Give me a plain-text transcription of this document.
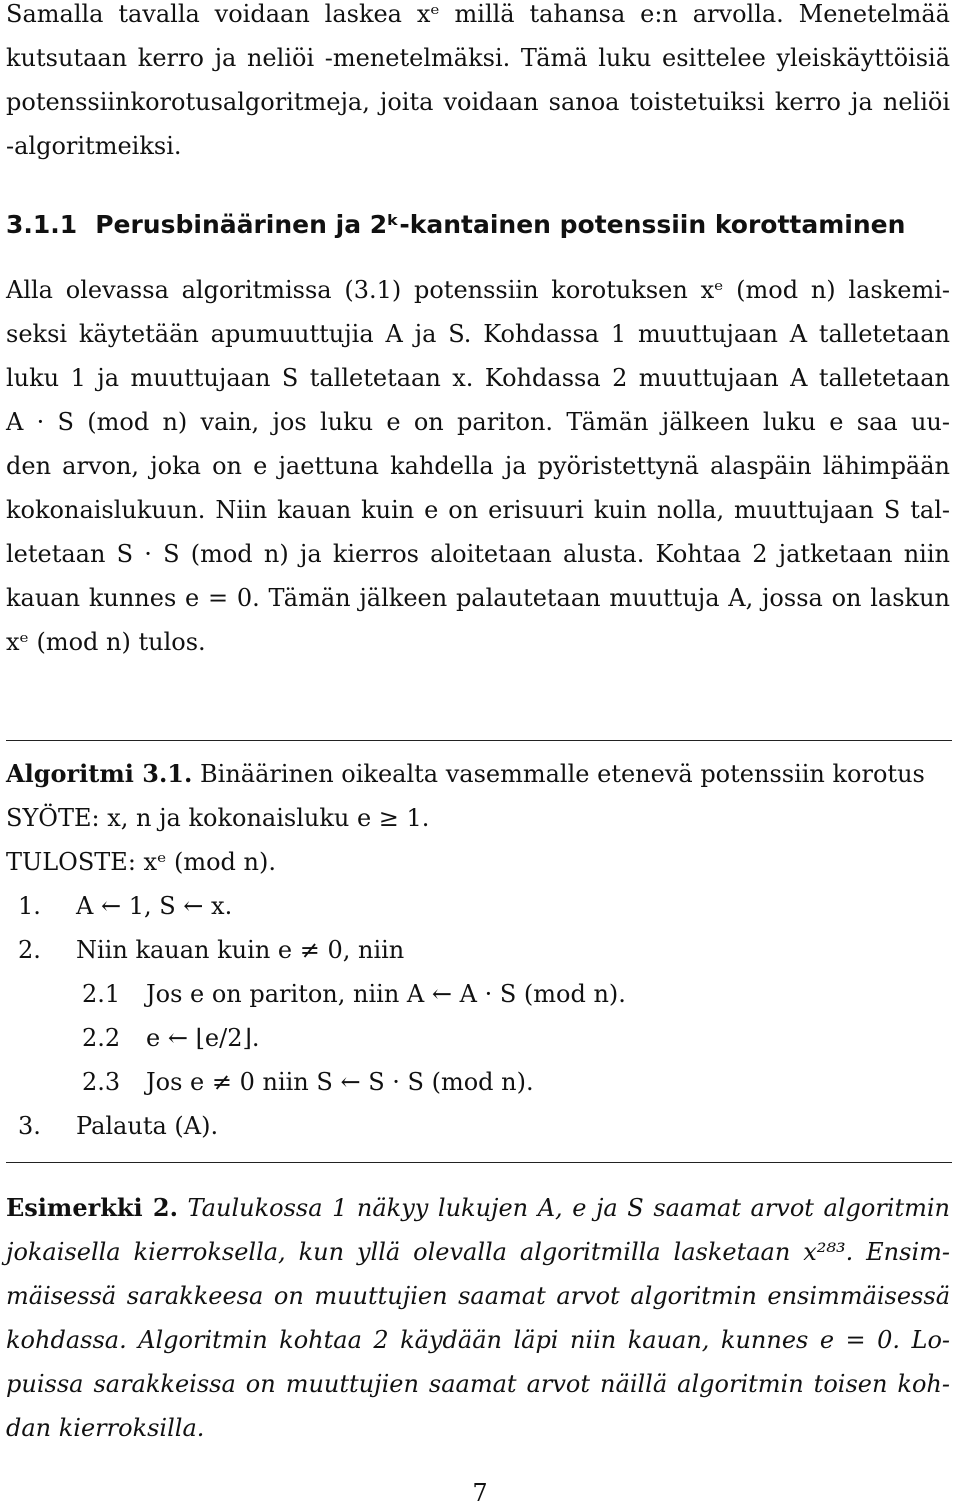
Samalla tavalla voidaan laskea xᵉ millä tahansa e:n arvolla. Menetelmää
kutsutaan kerro ja neliöi -menetelmäksi. Tämä luku esittelee yleiskäyttöisiä
potenssiinkorotusalgoritmeja, joita voidaan sanoa toistetuiksi kerro ja neliöi
-algoritmeiksi.
3.1.1 Perusbinäärinen ja 2ᵏ-kantainen potenssiin korottaminen
Alla olevassa algoritmissa (3.1) potenssiin korotuksen xᵉ (mod n) laskemi-
seksi käytetään apumuuttujia A ja S. Kohdassa 1 muuttujaan A talletetaan
luku 1 ja muuttujaan S talletetaan x. Kohdassa 2 muuttujaan A talletetaan
A · S (mod n) vain, jos luku e on pariton. Tämän jälkeen luku e saa uu-
den arvon, joka on e jaettuna kahdella ja pyöristettynä alaspäin lähimpään
kokonaislukuun. Niin kauan kuin e on erisuuri kuin nolla, muuttujaan S tal-
letetaan S · S (mod n) ja kierros aloitetaan alusta. Kohtaa 2 jatketaan niin
kauan kunnes e = 0. Tämän jälkeen palautetaan muuttuja A, jossa on laskun
xᵉ (mod n) tulos.
Algoritmi 3.1. Binäärinen oikealta vasemmalle etenevä potenssiin korotus
SYÖTE: x, n ja kokonaisluku e ≥ 1.
TULOSTE: xᵉ (mod n).
1. A ← 1, S ← x.
2. Niin kauan kuin e ≠ 0, niin
2.1 Jos e on pariton, niin A ← A · S (mod n).
2.2 e ← ⌊e/2⌋.
2.3 Jos e ≠ 0 niin S ← S · S (mod n).
3. Palauta (A).
Esimerkki 2. Taulukossa 1 näkyy lukujen A, e ja S saamat arvot algoritmin
jokaisella kierroksella, kun yllä olevalla algoritmilla lasketaan x²⁸³. Ensim-
mäisessä sarakkeesa on muuttujien saamat arvot algoritmin ensimmäisessä
kohdassa. Algoritmin kohtaa 2 käydään läpi niin kauan, kunnes e = 0. Lo-
puissa sarakkeissa on muuttujien saamat arvot näillä algoritmin toisen koh-
dan kierroksilla.
7
